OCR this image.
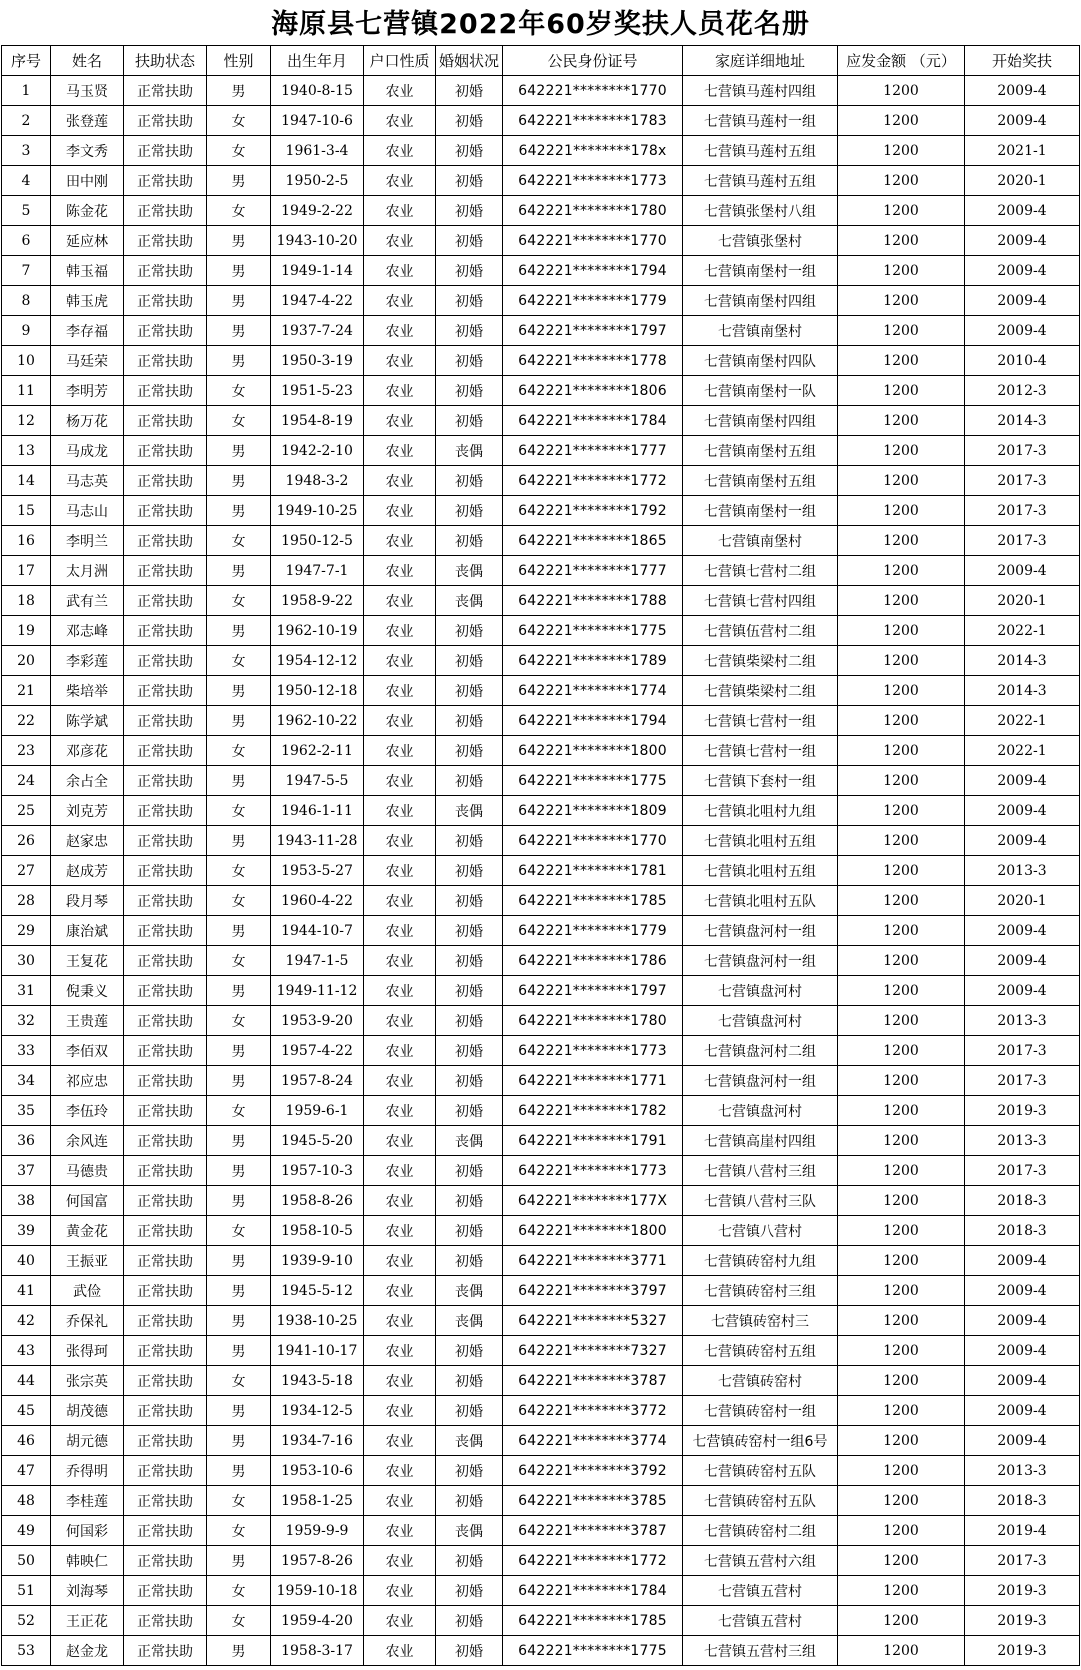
海原县七营镇2022年60岁奖扶人员花名册
序号	姓名	扶助状态	性别	出生年月	户口性质	婚姻状况	公民身份证号	家庭详细地址	应发金额 （元）	开始奖扶
1	马玉贤	正常扶助	男	1940-8-15	农业	初婚	642221********1770	七营镇马莲村四组	1200	2009-4
2	张登莲	正常扶助	女	1947-10-6	农业	初婚	642221********1783	七营镇马莲村一组	1200	2009-4
3	李文秀	正常扶助	女	1961-3-4	农业	初婚	642221********178x	七营镇马莲村五组	1200	2021-1
4	田中刚	正常扶助	男	1950-2-5	农业	初婚	642221********1773	七营镇马莲村五组	1200	2020-1
5	陈金花	正常扶助	女	1949-2-22	农业	初婚	642221********1780	七营镇张堡村八组	1200	2009-4
6	延应林	正常扶助	男	1943-10-20	农业	初婚	642221********1770	七营镇张堡村	1200	2009-4
7	韩玉福	正常扶助	男	1949-1-14	农业	初婚	642221********1794	七营镇南堡村一组	1200	2009-4
8	韩玉虎	正常扶助	男	1947-4-22	农业	初婚	642221********1779	七营镇南堡村四组	1200	2009-4
9	李存福	正常扶助	男	1937-7-24	农业	初婚	642221********1797	七营镇南堡村	1200	2009-4
10	马廷荣	正常扶助	男	1950-3-19	农业	初婚	642221********1778	七营镇南堡村四队	1200	2010-4
11	李明芳	正常扶助	女	1951-5-23	农业	初婚	642221********1806	七营镇南堡村一队	1200	2012-3
12	杨万花	正常扶助	女	1954-8-19	农业	初婚	642221********1784	七营镇南堡村四组	1200	2014-3
13	马成龙	正常扶助	男	1942-2-10	农业	丧偶	642221********1777	七营镇南堡村五组	1200	2017-3
14	马志英	正常扶助	男	1948-3-2	农业	初婚	642221********1772	七营镇南堡村五组	1200	2017-3
15	马志山	正常扶助	男	1949-10-25	农业	初婚	642221********1792	七营镇南堡村一组	1200	2017-3
16	李明兰	正常扶助	女	1950-12-5	农业	初婚	642221********1865	七营镇南堡村	1200	2017-3
17	太月洲	正常扶助	男	1947-7-1	农业	丧偶	642221********1777	七营镇七营村二组	1200	2009-4
18	武有兰	正常扶助	女	1958-9-22	农业	丧偶	642221********1788	七营镇七营村四组	1200	2020-1
19	邓志峰	正常扶助	男	1962-10-19	农业	初婚	642221********1775	七营镇伍营村二组	1200	2022-1
20	李彩莲	正常扶助	女	1954-12-12	农业	初婚	642221********1789	七营镇柴梁村二组	1200	2014-3
21	柴培举	正常扶助	男	1950-12-18	农业	初婚	642221********1774	七营镇柴梁村二组	1200	2014-3
22	陈学斌	正常扶助	男	1962-10-22	农业	初婚	642221********1794	七营镇七营村一组	1200	2022-1
23	邓彦花	正常扶助	女	1962-2-11	农业	初婚	642221********1800	七营镇七营村一组	1200	2022-1
24	余占全	正常扶助	男	1947-5-5	农业	初婚	642221********1775	七营镇下套村一组	1200	2009-4
25	刘克芳	正常扶助	女	1946-1-11	农业	丧偶	642221********1809	七营镇北咀村九组	1200	2009-4
26	赵家忠	正常扶助	男	1943-11-28	农业	初婚	642221********1770	七营镇北咀村五组	1200	2009-4
27	赵成芳	正常扶助	女	1953-5-27	农业	初婚	642221********1781	七营镇北咀村五组	1200	2013-3
28	段月琴	正常扶助	女	1960-4-22	农业	初婚	642221********1785	七营镇北咀村五队	1200	2020-1
29	康治斌	正常扶助	男	1944-10-7	农业	初婚	642221********1779	七营镇盘河村一组	1200	2009-4
30	王复花	正常扶助	女	1947-1-5	农业	初婚	642221********1786	七营镇盘河村一组	1200	2009-4
31	倪秉义	正常扶助	男	1949-11-12	农业	初婚	642221********1797	七营镇盘河村	1200	2009-4
32	王贵莲	正常扶助	女	1953-9-20	农业	初婚	642221********1780	七营镇盘河村	1200	2013-3
33	李佰双	正常扶助	男	1957-4-22	农业	初婚	642221********1773	七营镇盘河村二组	1200	2017-3
34	祁应忠	正常扶助	男	1957-8-24	农业	初婚	642221********1771	七营镇盘河村一组	1200	2017-3
35	李伍玲	正常扶助	女	1959-6-1	农业	初婚	642221********1782	七营镇盘河村	1200	2019-3
36	余风连	正常扶助	男	1945-5-20	农业	丧偶	642221********1791	七营镇高崖村四组	1200	2013-3
37	马德贵	正常扶助	男	1957-10-3	农业	初婚	642221********1773	七营镇八营村三组	1200	2017-3
38	何国富	正常扶助	男	1958-8-26	农业	初婚	642221********177X	七营镇八营村三队	1200	2018-3
39	黄金花	正常扶助	女	1958-10-5	农业	初婚	642221********1800	七营镇八营村	1200	2018-3
40	王振亚	正常扶助	男	1939-9-10	农业	初婚	642221********3771	七营镇砖窑村九组	1200	2009-4
41	武俭	正常扶助	男	1945-5-12	农业	丧偶	642221********3797	七营镇砖窑村三组	1200	2009-4
42	乔保礼	正常扶助	男	1938-10-25	农业	丧偶	642221********5327	七营镇砖窑村三	1200	2009-4
43	张得珂	正常扶助	男	1941-10-17	农业	初婚	642221********7327	七营镇砖窑村五组	1200	2009-4
44	张宗英	正常扶助	女	1943-5-18	农业	初婚	642221********3787	七营镇砖窑村	1200	2009-4
45	胡茂德	正常扶助	男	1934-12-5	农业	初婚	642221********3772	七营镇砖窑村一组	1200	2009-4
46	胡元德	正常扶助	男	1934-7-16	农业	丧偶	642221********3774	七营镇砖窑村一组6号	1200	2009-4
47	乔得明	正常扶助	男	1953-10-6	农业	初婚	642221********3792	七营镇砖窑村五队	1200	2013-3
48	李桂莲	正常扶助	女	1958-1-25	农业	初婚	642221********3785	七营镇砖窑村五队	1200	2018-3
49	何国彩	正常扶助	女	1959-9-9	农业	丧偶	642221********3787	七营镇砖窑村二组	1200	2019-4
50	韩映仁	正常扶助	男	1957-8-26	农业	初婚	642221********1772	七营镇五营村六组	1200	2017-3
51	刘海琴	正常扶助	女	1959-10-18	农业	初婚	642221********1784	七营镇五营村	1200	2019-3
52	王正花	正常扶助	女	1959-4-20	农业	初婚	642221********1785	七营镇五营村	1200	2019-3
53	赵金龙	正常扶助	男	1958-3-17	农业	初婚	642221********1775	七营镇五营村三组	1200	2019-3
